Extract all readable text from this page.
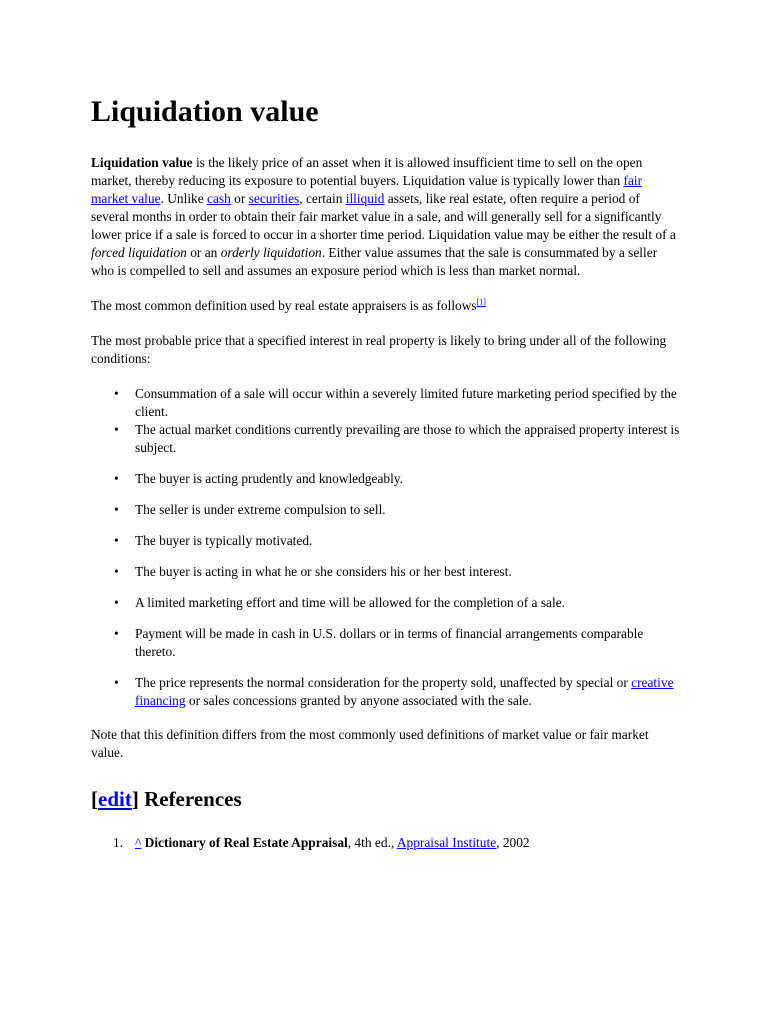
Liquidation value

Liquidation value is the likely price of an asset when it is allowed insufficient time to sell on the open market, thereby reducing its exposure to potential buyers. Liquidation value is typically lower than fair market value. Unlike cash or securities, certain illiquid assets, like real estate, often require a period of several months in order to obtain their fair market value in a sale, and will generally sell for a significantly lower price if a sale is forced to occur in a shorter time period. Liquidation value may be either the result of a forced liquidation or an orderly liquidation. Either value assumes that the sale is consummated by a seller who is compelled to sell and assumes an exposure period which is less than market normal.

The most common definition used by real estate appraisers is as follows[1]

The most probable price that a specified interest in real property is likely to bring under all of the following conditions:

• Consummation of a sale will occur within a severely limited future marketing period specified by the client.
• The actual market conditions currently prevailing are those to which the appraised property interest is subject.
• The buyer is acting prudently and knowledgeably.
• The seller is under extreme compulsion to sell.
• The buyer is typically motivated.
• The buyer is acting in what he or she considers his or her best interest.
• A limited marketing effort and time will be allowed for the completion of a sale.
• Payment will be made in cash in U.S. dollars or in terms of financial arrangements comparable thereto.
• The price represents the normal consideration for the property sold, unaffected by special or creative financing or sales concessions granted by anyone associated with the sale.

Note that this definition differs from the most commonly used definitions of market value or fair market value.

[edit] References
1. ^ Dictionary of Real Estate Appraisal, 4th ed., Appraisal Institute, 2002
